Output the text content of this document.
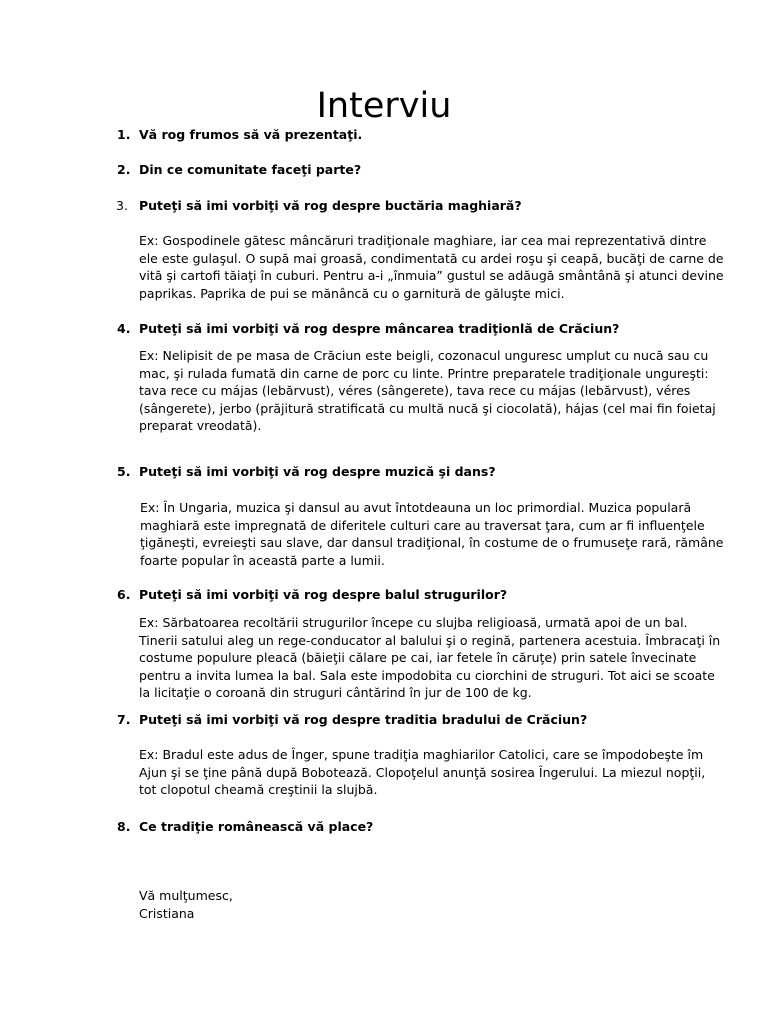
Interviu
1. Vă rog frumos să vă prezentaţi.
2. Din ce comunitate faceţi parte?
3. Puteţi să imi vorbiţi vă rog despre buctăria maghiară?
Ex: Gospodinele gătesc mâncăruri tradiţionale maghiare, iar cea mai reprezentativă dintre
ele este gulaşul. O supă mai groasă, condimentată cu ardei roşu şi ceapă, bucăţi de carne de
vită şi cartofi tăiaţi în cuburi. Pentru a-i „înmuia” gustul se adăugă smântână şi atunci devine
paprikas. Paprika de pui se mănâncă cu o garnitură de găluşte mici.
4. Puteţi să imi vorbiţi vă rog despre mâncarea tradiţionlă de Crăciun?
Ex: Nelipisit de pe masa de Crăciun este beigli, cozonacul unguresc umplut cu nucă sau cu
mac, şi rulada fumată din carne de porc cu linte. Printre preparatele tradiţionale ungureşti:
tava rece cu májas (lebărvust), véres (sângerete), tava rece cu májas (lebărvust), véres
(sângerete), jerbo (prăjitură stratificată cu multă nucă şi ciocolată), hájas (cel mai fin foietaj
preparat vreodată).
5. Puteţi să imi vorbiţi vă rog despre muzică şi dans?
Ex: În Ungaria, muzica şi dansul au avut întotdeauna un loc primordial. Muzica populară
maghiară este impregnată de diferitele culturi care au traversat ţara, cum ar fi influenţele
ţigăneşti, evreieşti sau slave, dar dansul tradiţional, în costume de o frumuseţe rară, rămâne
foarte popular în această parte a lumii.
6. Puteţi să imi vorbiţi vă rog despre balul strugurilor?
Ex: Sărbatoarea recoltării strugurilor începe cu slujba religioasă, urmată apoi de un bal.
Tinerii satului aleg un rege-conducator al balului şi o regină, partenera acestuia. Îmbracaţi în
costume populure pleacă (băieţii călare pe cai, iar fetele în căruţe) prin satele învecinate
pentru a invita lumea la bal. Sala este impodobita cu ciorchini de struguri. Tot aici se scoate
la licitaţie o coroană din struguri cântărind în jur de 100 de kg.
7. Puteţi să imi vorbiţi vă rog despre traditia bradului de Crăciun?
Ex: Bradul este adus de Înger, spune tradiţia maghiarilor Catolici, care se împodobeşte îm
Ajun şi se ţine până după Bobotează. Clopoţelul anunţă sosirea Îngerului. La miezul nopţii,
tot clopotul cheamă creştinii la slujbă.
8. Ce tradiţie românească vă place?
Vă mulţumesc,
Cristiana
